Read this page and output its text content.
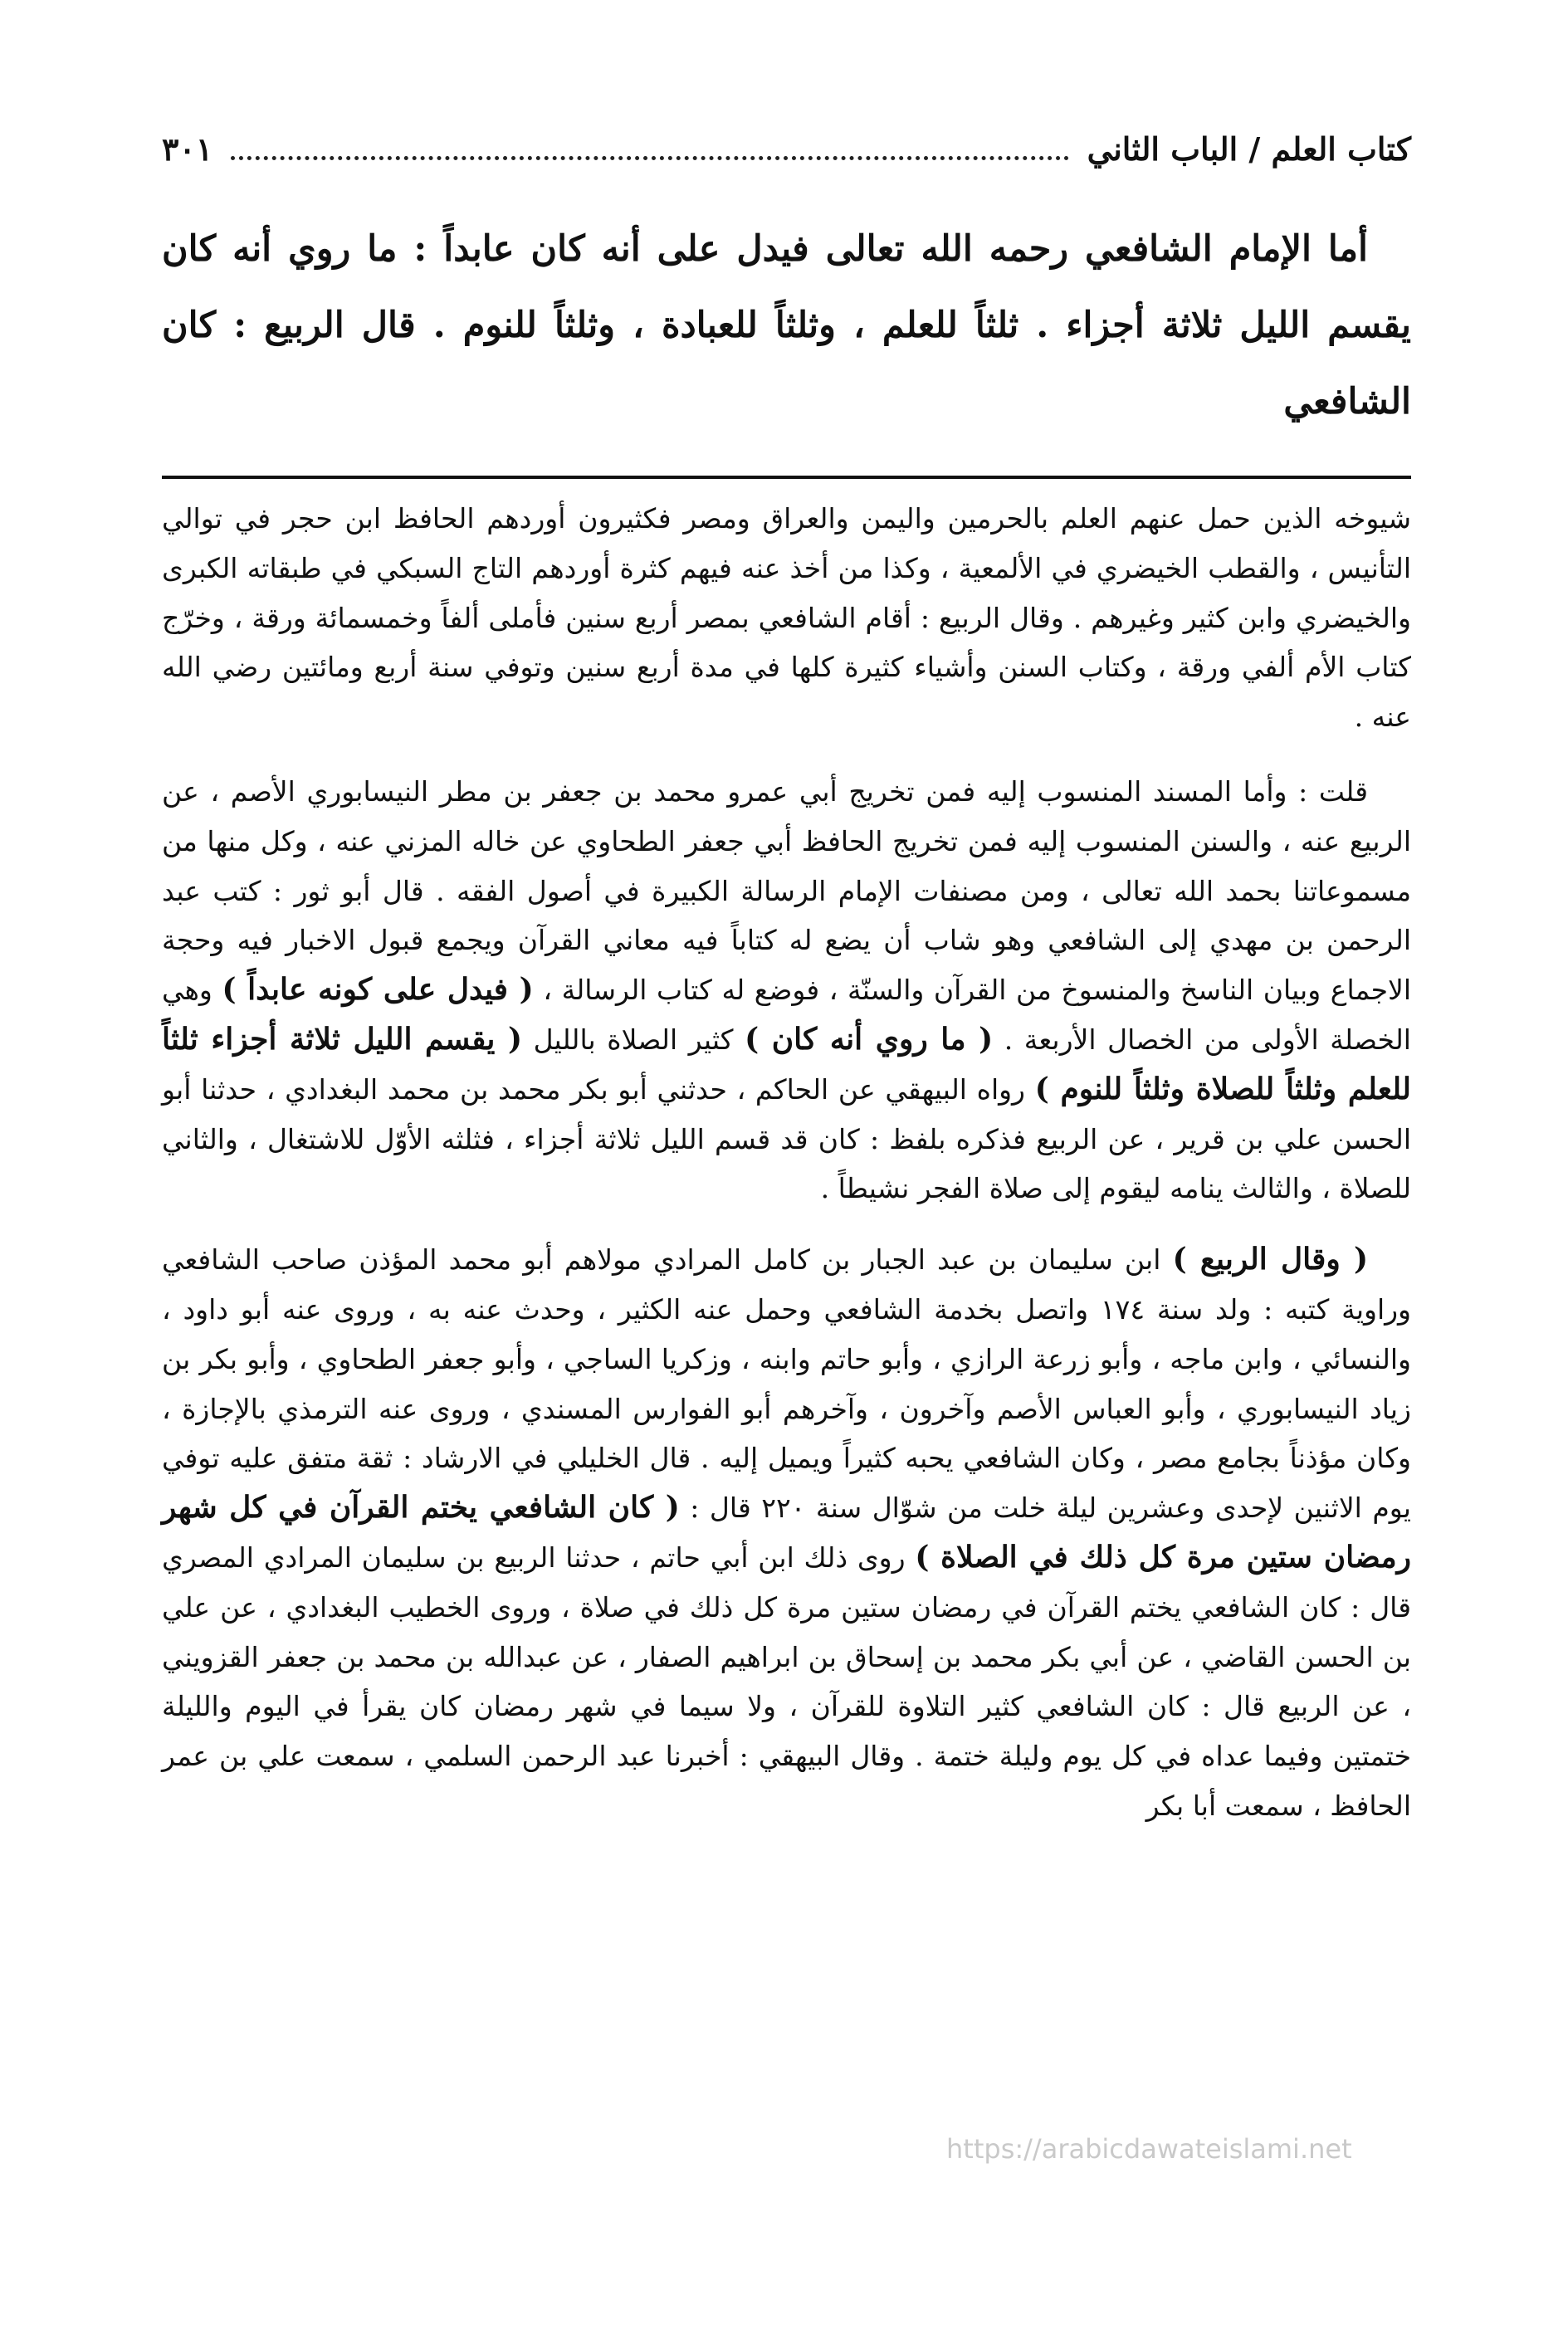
كتاب العلم / الباب الثاني
٣٠١

أما الإمام الشافعي رحمه الله تعالى فيدل على أنه كان عابداً : ما روي أنه كان يقسم الليل ثلاثة أجزاء . ثلثاً للعلم ، وثلثاً للعبادة ، وثلثاً للنوم . قال الربيع : كان الشافعي

شيوخه الذين حمل عنهم العلم بالحرمين واليمن والعراق ومصر فكثيرون أوردهم الحافظ ابن حجر في توالي التأنيس ، والقطب الخيضري في الألمعية ، وكذا من أخذ عنه فيهم كثرة أوردهم التاج السبكي في طبقاته الكبرى والخيضري وابن كثير وغيرهم . وقال الربيع : أقام الشافعي بمصر أربع سنين فأملى ألفاً وخمسمائة ورقة ، وخرّج كتاب الأم ألفي ورقة ، وكتاب السنن وأشياء كثيرة كلها في مدة أربع سنين وتوفي سنة أربع ومائتين رضي الله عنه .

قلت : وأما المسند المنسوب إليه فمن تخريج أبي عمرو محمد بن جعفر بن مطر النيسابوري الأصم ، عن الربيع عنه ، والسنن المنسوب إليه فمن تخريج الحافظ أبي جعفر الطحاوي عن خاله المزني عنه ، وكل منها من مسموعاتنا بحمد الله تعالى ، ومن مصنفات الإمام الرسالة الكبيرة في أصول الفقه . قال أبو ثور : كتب عبد الرحمن بن مهدي إلى الشافعي وهو شاب أن يضع له كتاباً فيه معاني القرآن ويجمع قبول الاخبار فيه وحجة الاجماع وبيان الناسخ والمنسوخ من القرآن والسنّة ، فوضع له كتاب الرسالة ، ( فيدل على كونه عابداً ) وهي الخصلة الأولى من الخصال الأربعة . ( ما روي أنه كان ) كثير الصلاة بالليل ( يقسم الليل ثلاثة أجزاء ثلثاً للعلم وثلثاً للصلاة وثلثاً للنوم ) رواه البيهقي عن الحاكم ، حدثني أبو بكر محمد بن محمد البغدادي ، حدثنا أبو الحسن علي بن قرير ، عن الربيع فذكره بلفظ : كان قد قسم الليل ثلاثة أجزاء ، فثلثه الأوّل للاشتغال ، والثاني للصلاة ، والثالث ينامه ليقوم إلى صلاة الفجر نشيطاً .

( وقال الربيع ) ابن سليمان بن عبد الجبار بن كامل المرادي مولاهم أبو محمد المؤذن صاحب الشافعي وراوية كتبه : ولد سنة ١٧٤ واتصل بخدمة الشافعي وحمل عنه الكثير ، وحدث عنه به ، وروى عنه أبو داود ، والنسائي ، وابن ماجه ، وأبو زرعة الرازي ، وأبو حاتم وابنه ، وزكريا الساجي ، وأبو جعفر الطحاوي ، وأبو بكر بن زياد النيسابوري ، وأبو العباس الأصم وآخرون ، وآخرهم أبو الفوارس المسندي ، وروى عنه الترمذي بالإجازة ، وكان مؤذناً بجامع مصر ، وكان الشافعي يحبه كثيراً ويميل إليه . قال الخليلي في الارشاد : ثقة متفق عليه توفي يوم الاثنين لإحدى وعشرين ليلة خلت من شوّال سنة ٢٢٠ قال : ( كان الشافعي يختم القرآن في كل شهر رمضان ستين مرة كل ذلك في الصلاة ) روى ذلك ابن أبي حاتم ، حدثنا الربيع بن سليمان المرادي المصري قال : كان الشافعي يختم القرآن في رمضان ستين مرة كل ذلك في صلاة ، وروى الخطيب البغدادي ، عن علي بن الحسن القاضي ، عن أبي بكر محمد بن إسحاق بن ابراهيم الصفار ، عن عبدالله بن محمد بن جعفر القزويني ، عن الربيع قال : كان الشافعي كثير التلاوة للقرآن ، ولا سيما في شهر رمضان كان يقرأ في اليوم والليلة ختمتين وفيما عداه في كل يوم وليلة ختمة . وقال البيهقي : أخبرنا عبد الرحمن السلمي ، سمعت علي بن عمر الحافظ ، سمعت أبا بكر

https://arabicdawateislami.net
